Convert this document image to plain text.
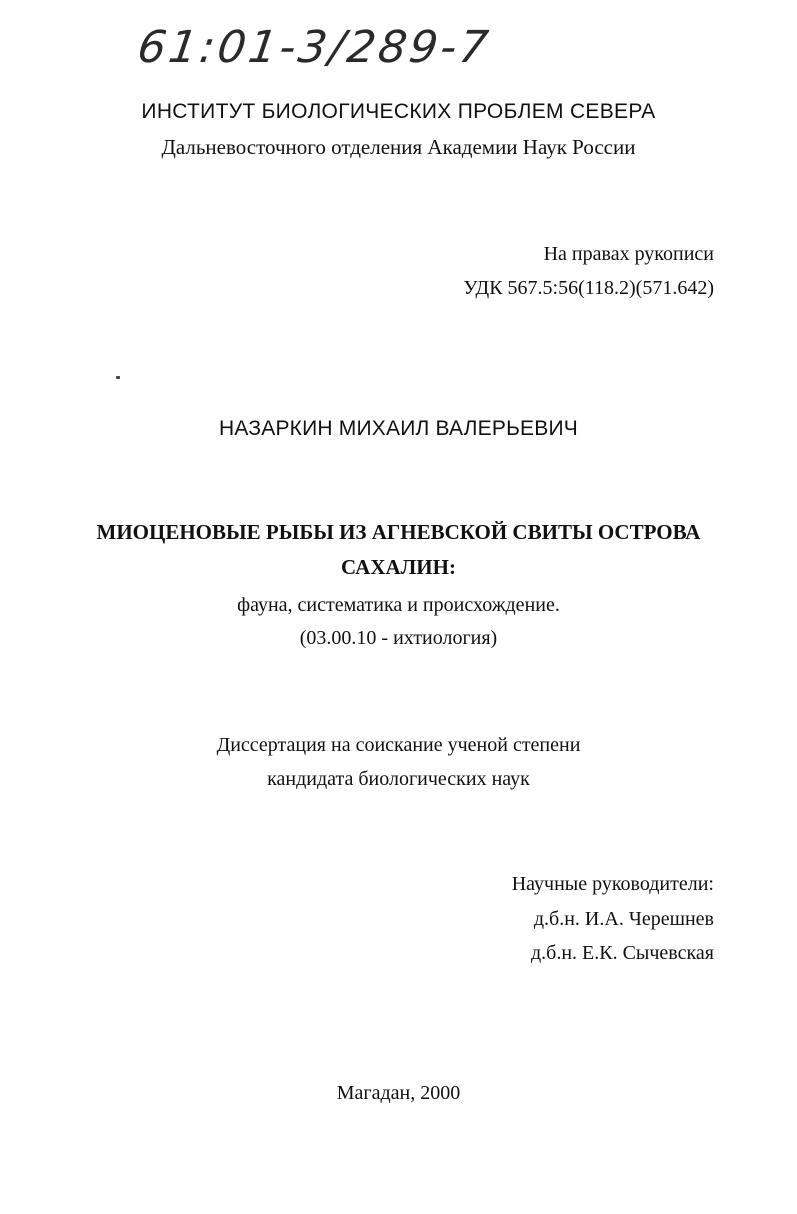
61:01-3/289-7
ИНСТИТУТ БИОЛОГИЧЕСКИХ ПРОБЛЕМ СЕВЕРА
Дальневосточного отделения Академии Наук России
На правах рукописи
УДК 567.5:56(118.2)(571.642)
НАЗАРКИН МИХАИЛ ВАЛЕРЬЕВИЧ
МИОЦЕНОВЫЕ РЫБЫ ИЗ АГНЕВСКОЙ СВИТЫ ОСТРОВА
САХАЛИН:
фауна, систематика и происхождение.
(03.00.10 - ихтиология)
Диссертация на соискание ученой степени
кандидата биологических наук
Научные руководители:
д.б.н. И.А. Черешнев
д.б.н. Е.К. Сычевская
Магадан, 2000
